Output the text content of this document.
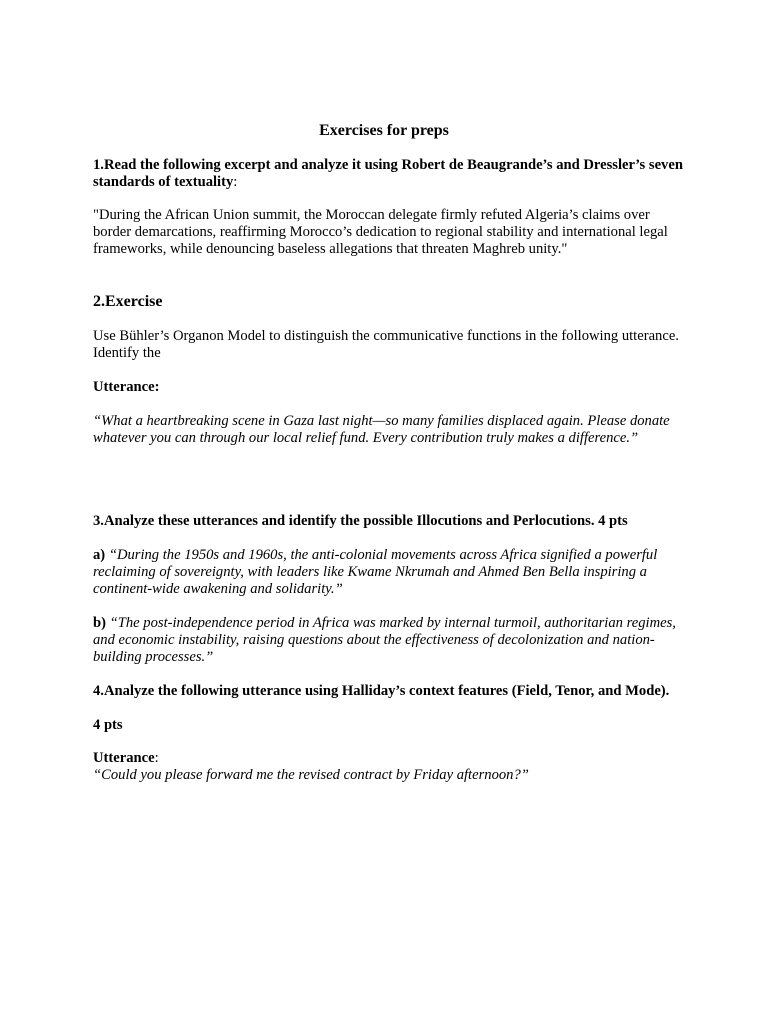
Exercises for preps
1.Read the following excerpt and analyze it using Robert de Beaugrande’s and Dressler’s seven standards of textuality:
"During the African Union summit, the Moroccan delegate firmly refuted Algeria’s claims over border demarcations, reaffirming Morocco’s dedication to regional stability and international legal frameworks, while denouncing baseless allegations that threaten Maghreb unity."
2.Exercise
Use Bühler’s Organon Model to distinguish the communicative functions in the following utterance. Identify the
Utterance:
“What a heartbreaking scene in Gaza last night—so many families displaced again. Please donate whatever you can through our local relief fund. Every contribution truly makes a difference.”
3.Analyze these utterances and identify the possible Illocutions and Perlocutions. 4 pts
a) “During the 1950s and 1960s, the anti-colonial movements across Africa signified a powerful reclaiming of sovereignty, with leaders like Kwame Nkrumah and Ahmed Ben Bella inspiring a continent-wide awakening and solidarity.”
b) “The post-independence period in Africa was marked by internal turmoil, authoritarian regimes, and economic instability, raising questions about the effectiveness of decolonization and nation-building processes.”
4.Analyze the following utterance using Halliday’s context features (Field, Tenor, and Mode).
4 pts
Utterance:
“Could you please forward me the revised contract by Friday afternoon?”
